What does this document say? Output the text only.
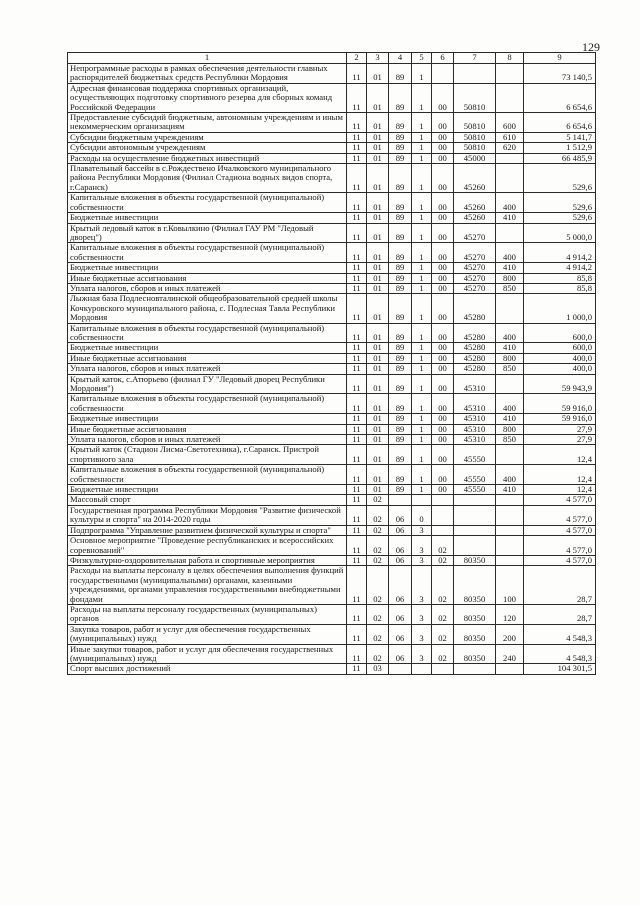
129
1	2	3	4	5	6	7	8	9
Непрограммные расходы в рамках обеспечения деятельности главных распорядителей бюджетных средств Республики Мордовия	11	01	89	1				73 140,5
Адресная финансовая поддержка спортивных организаций, осуществляющих подготовку спортивного резерва для сборных команд Российской Федерации	11	01	89	1	00	50810		6 654,6
Предоставление субсидий бюджетным, автономным учреждениям и иным некоммерческим организациям	11	01	89	1	00	50810	600	6 654,6
Субсидии бюджетным учреждениям	11	01	89	1	00	50810	610	5 141,7
Субсидии автономным учреждениям	11	01	89	1	00	50810	620	1 512,9
Расходы на осуществление бюджетных инвестиций	11	01	89	1	00	45000		66 485,9
Плавательный бассейн в с.Рождествено Ичалковского муниципального района Республики Мордовия (Филиал Стадиона водных видов спорта, г.Саранск)	11	01	89	1	00	45260		529,6
Капитальные вложения в объекты государственной (муниципальной) собственности	11	01	89	1	00	45260	400	529,6
Бюджетные инвестиции	11	01	89	1	00	45260	410	529,6
Крытый ледовый каток в г.Ковылкино (Филиал ГАУ РМ "Ледовый дворец")	11	01	89	1	00	45270		5 000,0
Капитальные вложения в объекты государственной (муниципальной) собственности	11	01	89	1	00	45270	400	4 914,2
Бюджетные инвестиции	11	01	89	1	00	45270	410	4 914,2
Иные бюджетные ассигнования	11	01	89	1	00	45270	800	85,8
Уплата налогов, сборов и иных платежей	11	01	89	1	00	45270	850	85,8
Лыжная база Подлесновталинской общеобразовательной средней школы Кочкуровского муниципального района, с. Подлесная Тавла Республики Мордовия	11	01	89	1	00	45280		1 000,0
Капитальные вложения в объекты государственной (муниципальной) собственности	11	01	89	1	00	45280	400	600,0
Бюджетные инвестиции	11	01	89	1	00	45280	410	600,0
Иные бюджетные ассигнования	11	01	89	1	00	45280	800	400,0
Уплата налогов, сборов и иных платежей	11	01	89	1	00	45280	850	400,0
Крытый каток, с.Атюрьево (филиал ГУ "Ледовый дворец Республики Мордовия")	11	01	89	1	00	45310		59 943,9
Капитальные вложения в объекты государственной (муниципальной) собственности	11	01	89	1	00	45310	400	59 916,0
Бюджетные инвестиции	11	01	89	1	00	45310	410	59 916,0
Иные бюджетные ассигнования	11	01	89	1	00	45310	800	27,9
Уплата налогов, сборов и иных платежей	11	01	89	1	00	45310	850	27,9
Крытый каток (Стадион Лисма-Светотехника), г.Саранск. Пристрой спортивного зала	11	01	89	1	00	45550		12,4
Капитальные вложения в объекты государственной (муниципальной) собственности	11	01	89	1	00	45550	400	12,4
Бюджетные инвестиции	11	01	89	1	00	45550	410	12,4
Массовый спорт	11	02						4 577,0
Государственная программа Республики Мордовия "Развитие физической культуры и спорта" на 2014-2020 годы	11	02	06	0				4 577,0
Подпрограмма "Управление развитием физической культуры и спорта"	11	02	06	3				4 577,0
Основное мероприятие "Проведение республиканских и всероссийских соревнований"	11	02	06	3	02			4 577,0
Физкультурно-оздоровительная работа и спортивные мероприятия	11	02	06	3	02	80350		4 577,0
Расходы на выплаты персоналу в целях обеспечения выполнения функций государственными (муниципальными) органами, казенными учреждениями, органами управления государственными внебюджетными фондами	11	02	06	3	02	80350	100	28,7
Расходы на выплаты персоналу государственных (муниципальных) органов	11	02	06	3	02	80350	120	28,7
Закупка товаров, работ и услуг для обеспечения государственных (муниципальных) нужд	11	02	06	3	02	80350	200	4 548,3
Иные закупки товаров, работ и услуг для обеспечения государственных (муниципальных) нужд	11	02	06	3	02	80350	240	4 548,3
Спорт высших достижений	11	03						104 301,5
